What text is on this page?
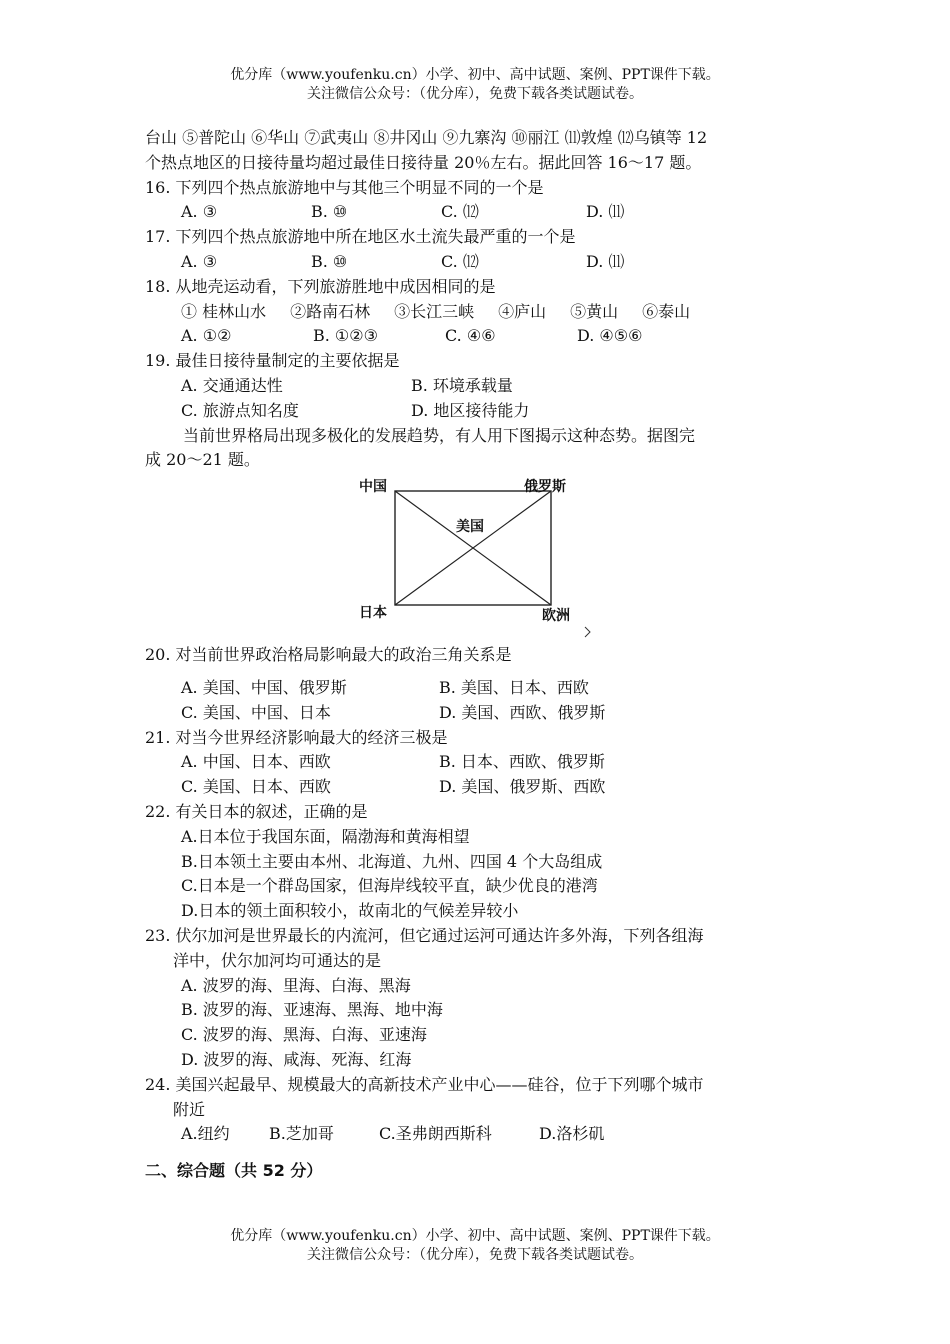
优分库（www.youfenku.cn）小学、初中、高中试题、案例、PPT课件下载。
关注微信公众号：（优分库），免费下载各类试题试卷。
台山 ⑤普陀山 ⑥华山 ⑦武夷山 ⑧井冈山 ⑨九寨沟 ⑩丽江 ⑾敦煌 ⑿乌镇等 12
个热点地区的日接待量均超过最佳日接待量 20％左右。据此回答 16～17 题。
16. 下列四个热点旅游地中与其他三个明显不同的一个是
A. ③	B. ⑩	C. ⑿	D. ⑾
17. 下列四个热点旅游地中所在地区水土流失最严重的一个是
A. ③	B. ⑩	C. ⑿	D. ⑾
18. 从地壳运动看，下列旅游胜地中成因相同的是
① 桂林山水 ②路南石林 ③长江三峡 ④庐山 ⑤黄山 ⑥泰山
A. ①②	B. ①②③	C. ④⑥	D. ④⑤⑥
19. 最佳日接待量制定的主要依据是
A. 交通通达性	B. 环境承载量
C. 旅游点知名度	D. 地区接待能力
当前世界格局出现多极化的发展趋势，有人用下图揭示这种态势。据图完
成 20～21 题。
中国	俄罗斯
美国
日本	欧洲
20. 对当前世界政治格局影响最大的政治三角关系是
A. 美国、中国、俄罗斯	B. 美国、日本、西欧
C. 美国、中国、日本	D. 美国、西欧、俄罗斯
21. 对当今世界经济影响最大的经济三极是
A. 中国、日本、西欧	B. 日本、西欧、俄罗斯
C. 美国、日本、西欧	D. 美国、俄罗斯、西欧
22. 有关日本的叙述，正确的是
A.日本位于我国东面，隔渤海和黄海相望
B.日本领土主要由本州、北海道、九州、四国 4 个大岛组成
C.日本是一个群岛国家，但海岸线较平直，缺少优良的港湾
D.日本的领土面积较小，故南北的气候差异较小
23. 伏尔加河是世界最长的内流河，但它通过运河可通达许多外海，下列各组海
洋中，伏尔加河均可通达的是
A. 波罗的海、里海、白海、黑海
B. 波罗的海、亚速海、黑海、地中海
C. 波罗的海、黑海、白海、亚速海
D. 波罗的海、咸海、死海、红海
24. 美国兴起最早、规模最大的高新技术产业中心——硅谷，位于下列哪个城市
附近
A.纽约	B.芝加哥	C.圣弗朗西斯科	D.洛杉矶
二、综合题（共 52 分）
优分库（www.youfenku.cn）小学、初中、高中试题、案例、PPT课件下载。
关注微信公众号：（优分库），免费下载各类试题试卷。
